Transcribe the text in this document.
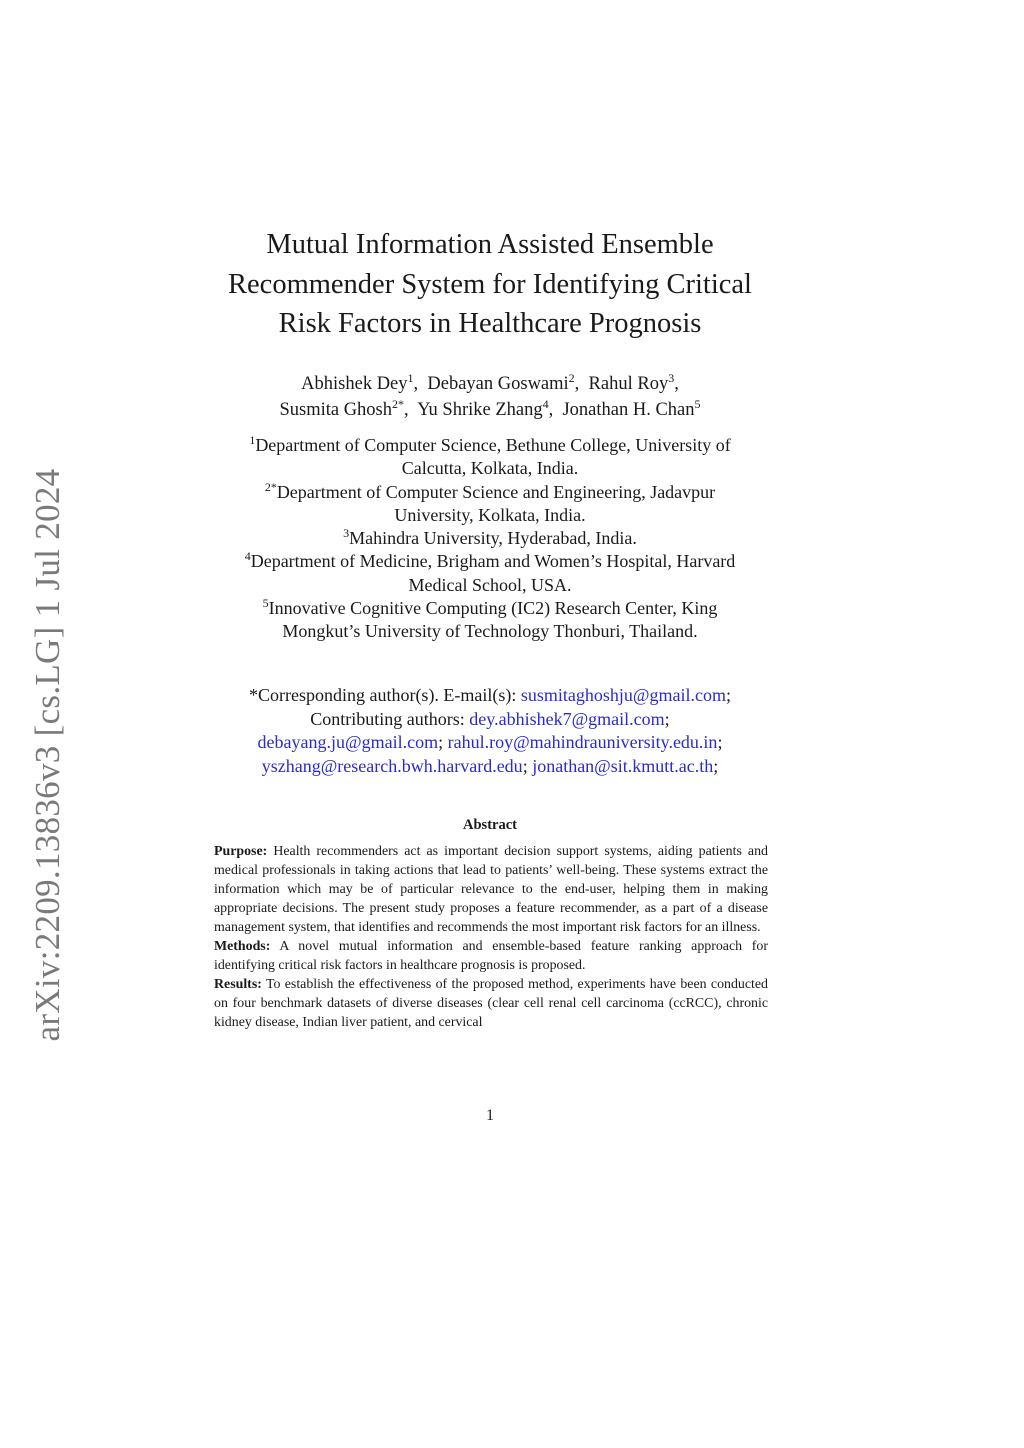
arXiv:2209.13836v3 [cs.LG] 1 Jul 2024
Mutual Information Assisted Ensemble
Recommender System for Identifying Critical
Risk Factors in Healthcare Prognosis
Abhishek Dey$^1$,  Debayan Goswami$^2$,  Rahul Roy$^3$,
Susmita Ghosh$^{2*}$,  Yu Shrike Zhang$^4$,  Jonathan H. Chan$^5$
$^1$Department of Computer Science, Bethune College, University of
Calcutta, Kolkata, India.
$^{2*}$Department of Computer Science and Engineering, Jadavpur
University, Kolkata, India.
$^3$Mahindra University, Hyderabad, India.
$^4$Department of Medicine, Brigham and Women’s Hospital, Harvard
Medical School, USA.
$^5$Innovative Cognitive Computing (IC2) Research Center, King
Mongkut’s University of Technology Thonburi, Thailand.
*Corresponding author(s). E-mail(s): susmitaghoshju@gmail.com;
Contributing authors: dey.abhishek7@gmail.com;
debayang.ju@gmail.com; rahul.roy@mahindrauniversity.edu.in;
yszhang@research.bwh.harvard.edu; jonathan@sit.kmutt.ac.th;
Abstract

Purpose: Health recommenders act as important decision support systems, aiding patients and medical professionals in taking actions that lead to patients’ well-being. These systems extract the information which may be of particular relevance to the end-user, helping them in making appropriate decisions. The present study proposes a feature recommender, as a part of a disease management system, that identifies and recommends the most important risk factors for an illness.

Methods: A novel mutual information and ensemble-based feature ranking approach for identifying critical risk factors in healthcare prognosis is proposed.

Results: To establish the effectiveness of the proposed method, experiments have been conducted on four benchmark datasets of diverse diseases (clear cell renal cell carcinoma (ccRCC), chronic kidney disease, Indian liver patient, and cervical

1
